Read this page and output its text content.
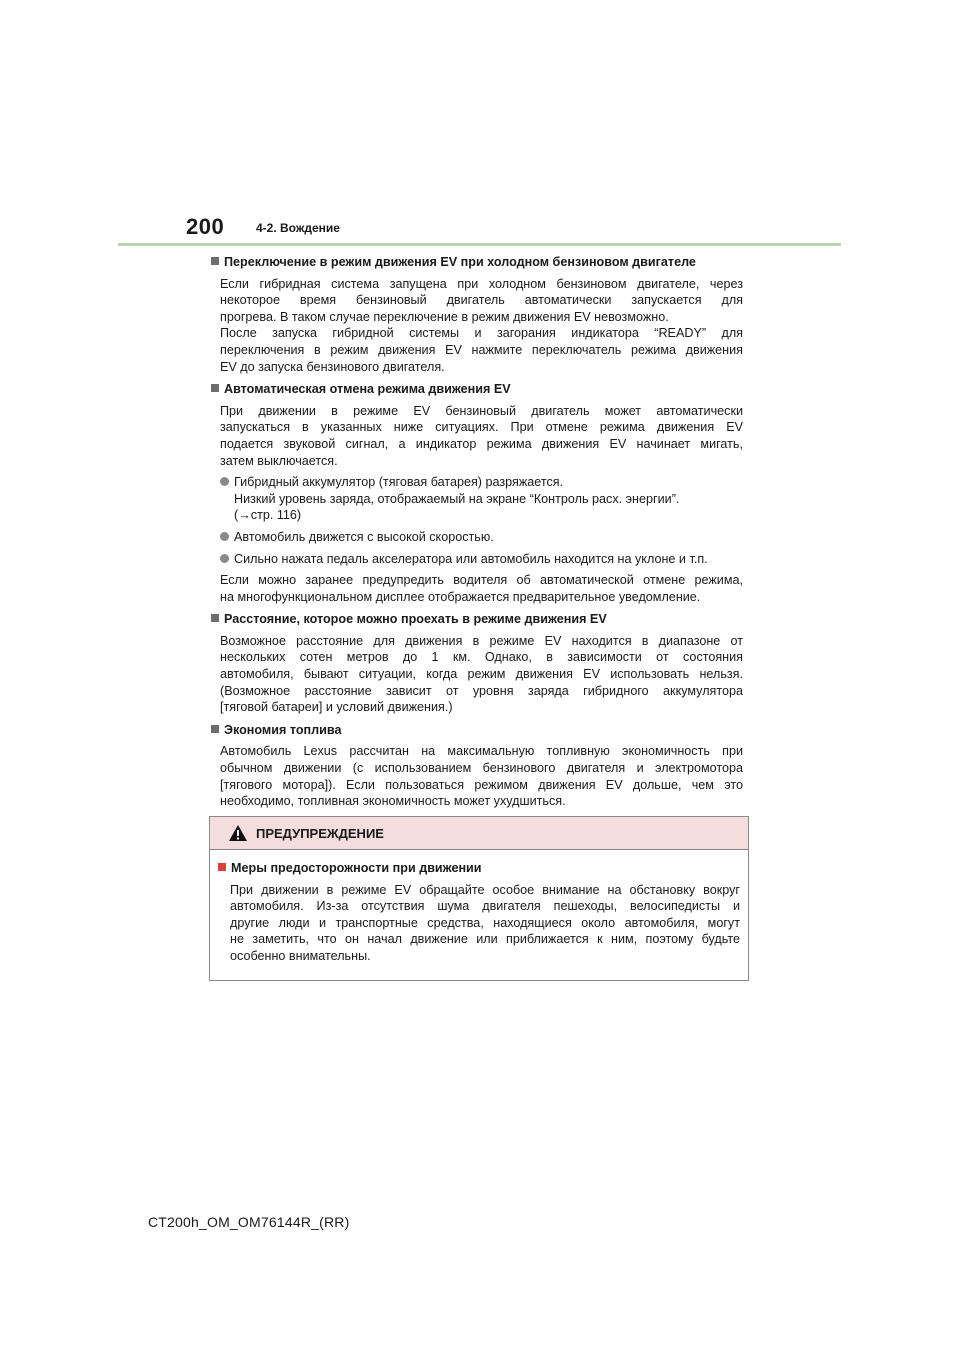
200	4-2. Вождение
Переключение в режим движения EV при холодном бензиновом двигателе
Если гибридная система запущена при холодном бензиновом двигателе, через
некоторое время бензиновый двигатель автоматически запускается для
прогрева. В таком случае переключение в режим движения EV невозможно.
После запуска гибридной системы и загорания индикатора “READY” для
переключения в режим движения EV нажмите переключатель режима движения
EV до запуска бензинового двигателя.
Автоматическая отмена режима движения EV
При движении в режиме EV бензиновый двигатель может автоматически
запускаться в указанных ниже ситуациях. При отмене режима движения EV
подается звуковой сигнал, а индикатор режима движения EV начинает мигать,
затем выключается.
Гибридный аккумулятор (тяговая батарея) разряжается.
Низкий уровень заряда, отображаемый на экране “Контроль расх. энергии”.
(→стр. 116)
Автомобиль движется с высокой скоростью.
Сильно нажата педаль акселератора или автомобиль находится на уклоне и т.п.
Если можно заранее предупредить водителя об автоматической отмене режима,
на многофункциональном дисплее отображается предварительное уведомление.
Расстояние, которое можно проехать в режиме движения EV
Возможное расстояние для движения в режиме EV находится в диапазоне от
нескольких сотен метров до 1 км. Однако, в зависимости от состояния
автомобиля, бывают ситуации, когда режим движения EV использовать нельзя.
(Возможное расстояние зависит от уровня заряда гибридного аккумулятора
[тяговой батареи] и условий движения.)
Экономия топлива
Автомобиль Lexus рассчитан на максимальную топливную экономичность при
обычном движении (с использованием бензинового двигателя и электромотора
[тягового мотора]). Если пользоваться режимом движения EV дольше, чем это
необходимо, топливная экономичность может ухудшиться.
ПРЕДУПРЕЖДЕНИЕ
Меры предосторожности при движении
При движении в режиме EV обращайте особое внимание на обстановку вокруг
автомобиля. Из-за отсутствия шума двигателя пешеходы, велосипедисты и
другие люди и транспортные средства, находящиеся около автомобиля, могут
не заметить, что он начал движение или приближается к ним, поэтому будьте
особенно внимательны.
CT200h_OM_OM76144R_(RR)
